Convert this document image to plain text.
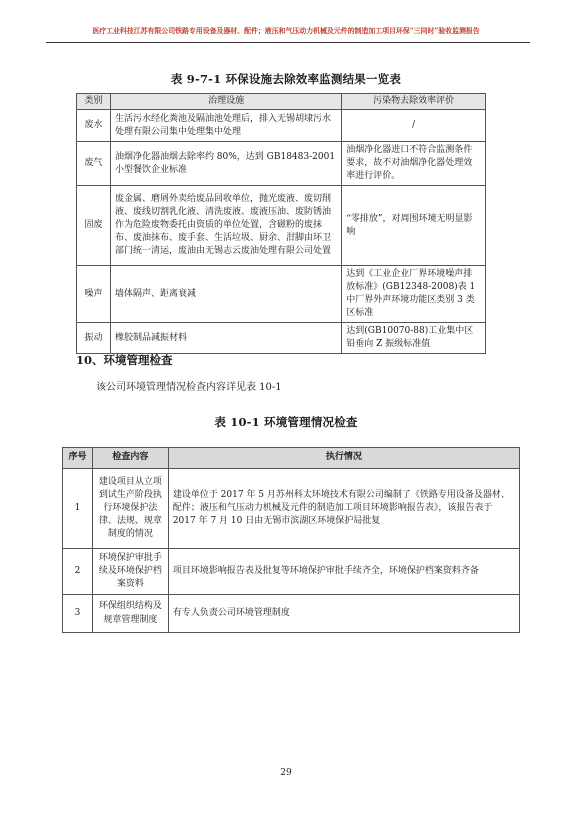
医疗工业科技江苏有限公司铁路专用设备及器材、配件；液压和气压动力机械及元件的制造加工项目环保“三同时”验收监测报告
表 9-7-1 环保设施去除效率监测结果一览表
类别	治理设施	污染物去除效率评价
废水	生活污水经化粪池及隔油池处理后，排入无锡胡埭污水处理有限公司集中处理集中处理	/
废气	油烟净化器油烟去除率约 80%，达到 GB18483-2001 小型餐饮企业标准	油烟净化器进口不符合监测条件要求，故不对油烟净化器处理效率进行评价。
固废	废金属、磨屑外卖给废品回收单位，抛光废液、废切削液、废线切割乳化液、清洗废液、废液压油、废防锈油作为危险废物委托由资质的单位处置，含磁粉的废抹布、废油抹布、废手套、生活垃圾、厨余、泔脚由环卫部门统一清运，废油由无锡志云废油处理有限公司处置	“零排放”，对周围环境无明显影响
噪声	墙体隔声、距离衰减	达到《工业企业厂界环境噪声排放标准》(GB12348-2008)表 1 中厂界外声环境功能区类别 3 类区标准
振动	橡胶制品减振材料	达到(GB10070-88)工业集中区铅垂向 Z 振级标准值
10、环境管理检查
该公司环境管理情况检查内容详见表 10-1
表 10-1 环境管理情况检查
序号	检查内容	执行情况
1	建设项目从立项到试生产阶段执行环境保护法律、法规、规章制度的情况	建设单位于 2017 年 5 月苏州科太环境技术有限公司编制了《铁路专用设备及器材、配件；液压和气压动力机械及元件的制造加工项目环境影响报告表》，该报告表于 2017 年 7 月 10 日由无锡市滨湖区环境保护局批复
2	环境保护审批手续及环境保护档案资料	项目环境影响报告表及批复等环境保护审批手续齐全，环境保护档案资料齐备
3	环保组织结构及规章管理制度	有专人负责公司环境管理制度
29
